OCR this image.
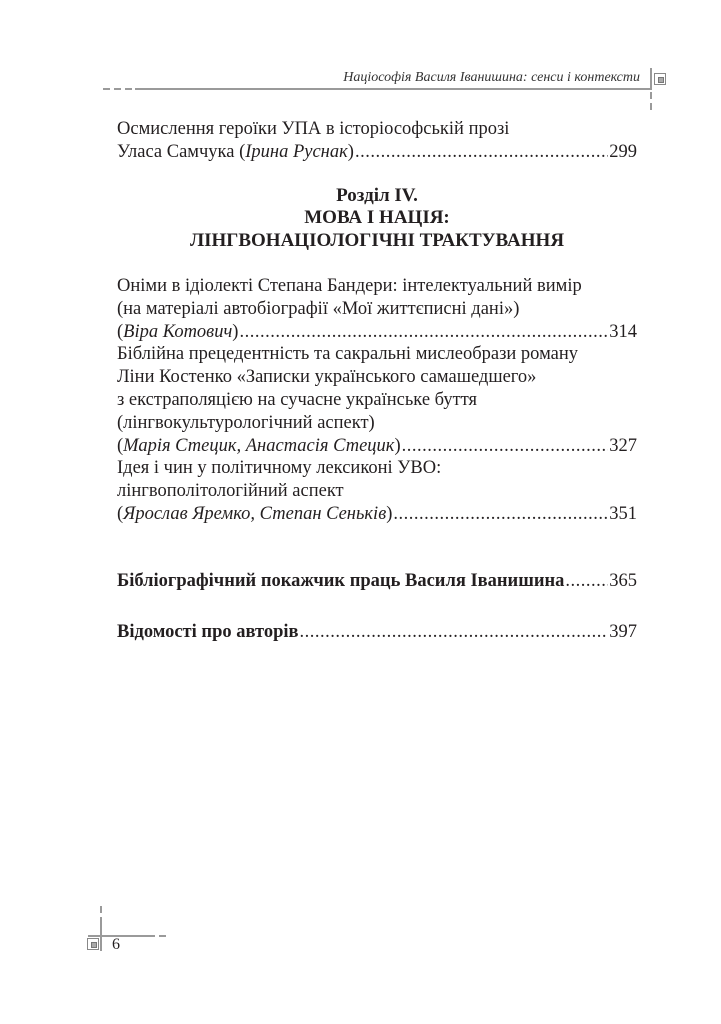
Націософія Василя Іванишина: сенси і контексти
Осмислення героїки УПА в історіософській прозі
Уласа Самчука (Ірина Руснак) .....	299
Розділ IV.
МОВА І НАЦІЯ:
ЛІНГВОНАЦІОЛОГІЧНІ ТРАКТУВАННЯ
Оніми в ідіолекті Степана Бандери: інтелектуальний вимір
(на матеріалі автобіографії «Мої життєписні дані»)
(Віра Котович) .....	314
Біблійна прецедентність та сакральні мислеобрази роману
Ліни Костенко «Записки українського самашедшего»
з екстраполяцією на сучасне українське буття
(лінгвокультурологічний аспект)
(Марія Стецик, Анастасія Стецик) .....	327
Ідея і чин у політичному лексиконі УВО:
лінгвополітологійний аспект
(Ярослав Яремко, Степан Сеньків) .....	351
Бібліографічний покажчик праць Василя Іванишина ..... 365
Відомості про авторів .....	397
6
